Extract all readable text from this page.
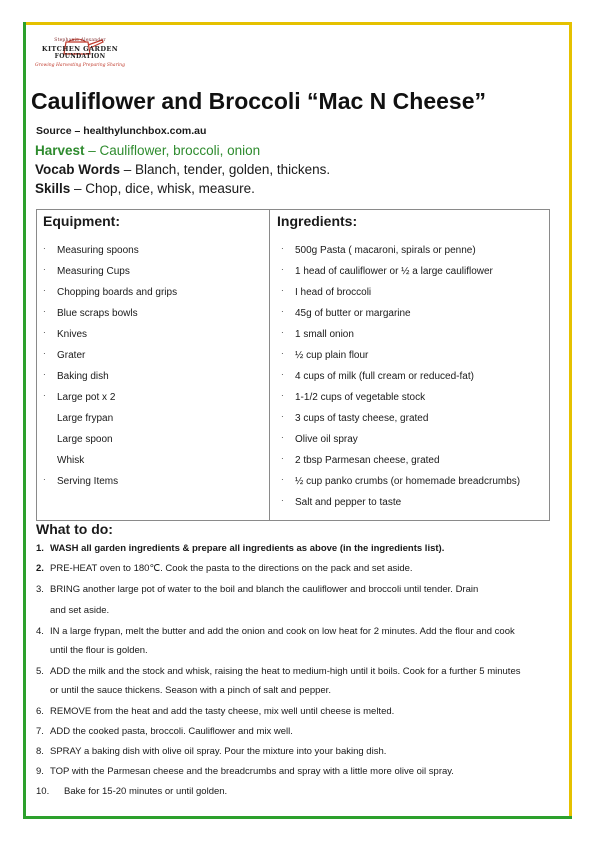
Stephanie Alexander
KITCHEN GARDEN
FOUNDATION
Growing Harvesting Preparing Sharing
Cauliflower and Broccoli “Mac N Cheese”
Source – healthylunchbox.com.au
Harvest – Cauliflower, broccoli, onion
Vocab Words – Blanch, tender, golden, thickens.
Skills – Chop, dice, whisk, measure.
Equipment:	Ingredients:
· Measuring spoons
· Measuring Cups
· Chopping boards and grips
· Blue scraps bowls
· Knives
· Grater
· Baking dish
· Large pot x 2
Large frypan
Large spoon
Whisk
· Serving Items
· 500g Pasta ( macaroni, spirals or penne)
· 1 head of cauliflower or ½ a large cauliflower
· I head of broccoli
· 45g of butter or margarine
· 1 small onion
· ½ cup plain flour
· 4 cups of milk (full cream or reduced-fat)
· 1-1/2 cups of vegetable stock
· 3 cups of tasty cheese, grated
· Olive oil spray
· 2 tbsp Parmesan cheese, grated
· ½ cup panko crumbs (or homemade breadcrumbs)
· Salt and pepper to taste
What to do:
1. WASH all garden ingredients & prepare all ingredients as above (in the ingredients list).
2. PRE-HEAT oven to 180℃. Cook the pasta to the directions on the pack and set aside.
3. BRING another large pot of water to the boil and blanch the cauliflower and broccoli until tender. Drain
and set aside.
4. IN a large frypan, melt the butter and add the onion and cook on low heat for 2 minutes. Add the flour and cook
until the flour is golden.
5. ADD the milk and the stock and whisk, raising the heat to medium-high until it boils. Cook for a further 5 minutes
or until the sauce thickens. Season with a pinch of salt and pepper.
6. REMOVE from the heat and add the tasty cheese, mix well until cheese is melted.
7. ADD the cooked pasta, broccoli. Cauliflower and mix well.
8. SPRAY a baking dish with olive oil spray. Pour the mixture into your baking dish.
9. TOP with the Parmesan cheese and the breadcrumbs and spray with a little more olive oil spray.
10. Bake for 15-20 minutes or until golden.
